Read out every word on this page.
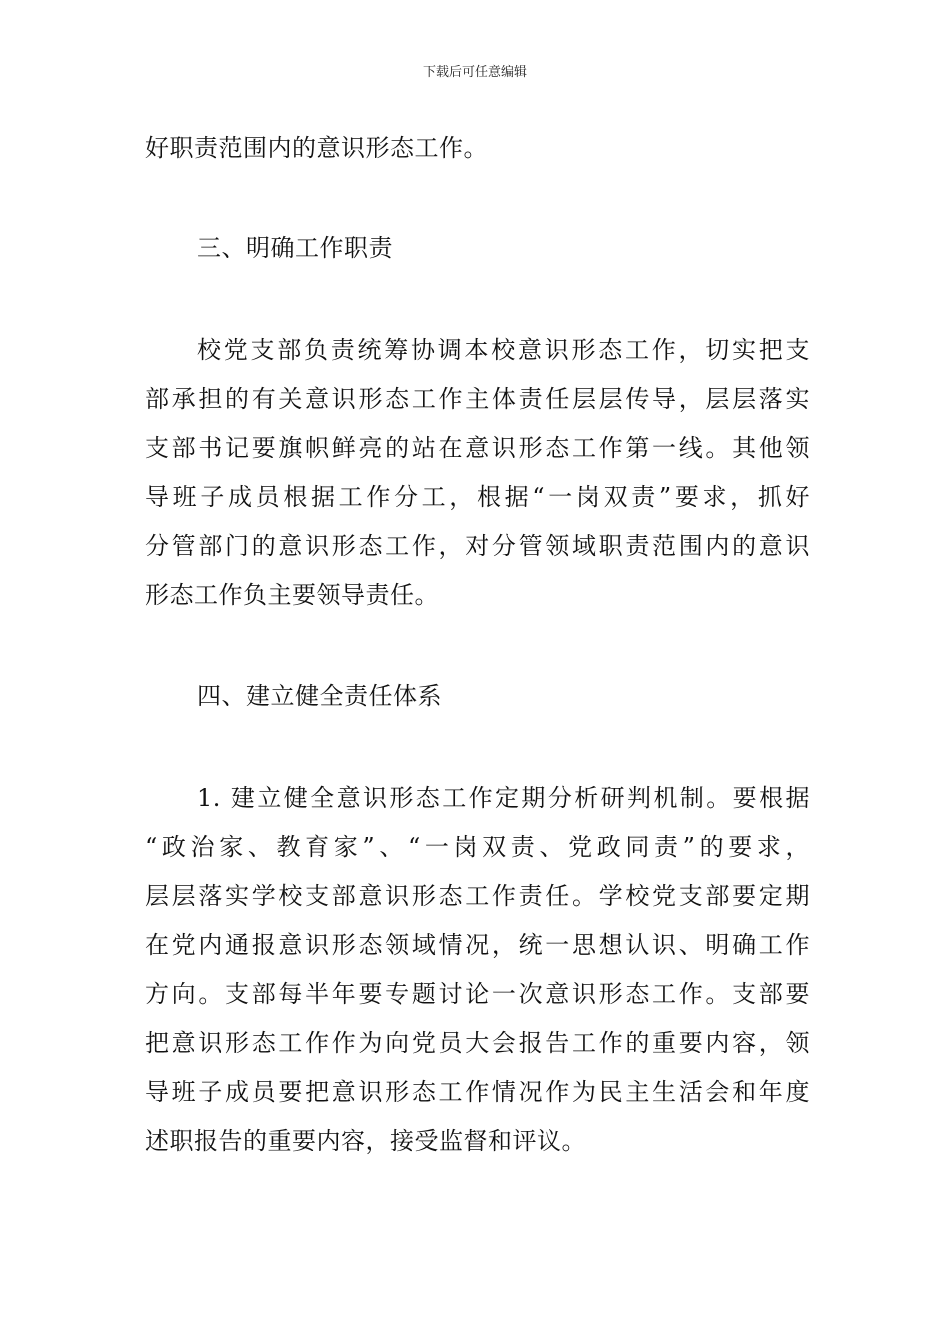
下载后可任意编辑
好职责范围内的意识形态工作。
三、明确工作职责
校党支部负责统筹协调本校意识形态工作，切实把支
部承担的有关意识形态工作主体责任层层传导，层层落实
支部书记要旗帜鲜亮的站在意识形态工作第一线。其他领
导班子成员根据工作分工，根据“一岗双责”要求，抓好
分管部门的意识形态工作，对分管领域职责范围内的意识
形态工作负主要领导责任。
四、建立健全责任体系
1. 建立健全意识形态工作定期分析研判机制。要根据
“政治家、教育家”、“一岗双责、党政同责”的要求，
层层落实学校支部意识形态工作责任。学校党支部要定期
在党内通报意识形态领域情况，统一思想认识、明确工作
方向。支部每半年要专题讨论一次意识形态工作。支部要
把意识形态工作作为向党员大会报告工作的重要内容，领
导班子成员要把意识形态工作情况作为民主生活会和年度
述职报告的重要内容，接受监督和评议。
